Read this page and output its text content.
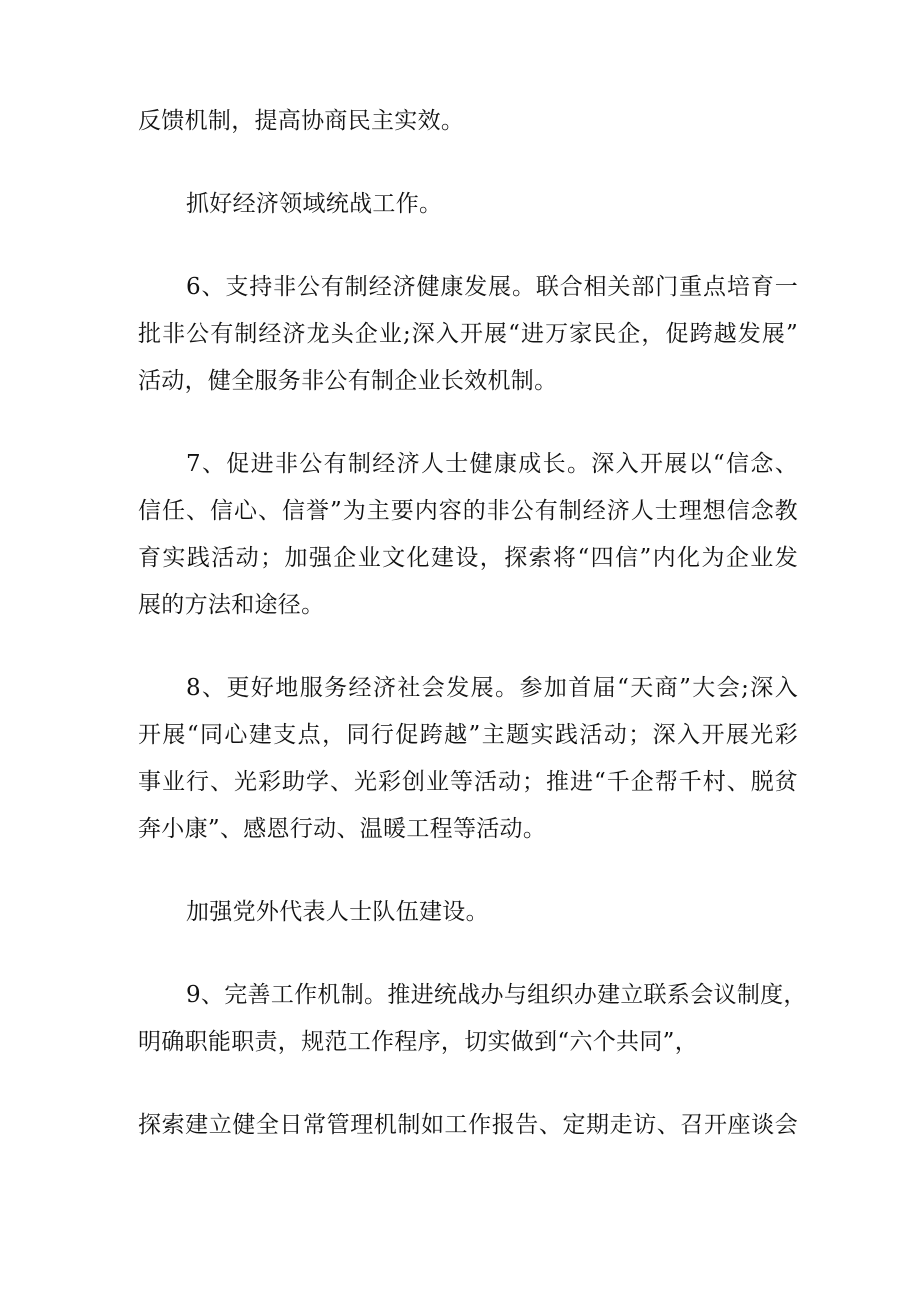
反馈机制，提高协商民主实效。
抓好经济领域统战工作。
6、支持非公有制经济健康发展。联合相关部门重点培育一
批非公有制经济龙头企业;深入开展“进万家民企，促跨越发展”
活动，健全服务非公有制企业长效机制。
7、促进非公有制经济人士健康成长。深入开展以“信念、
信任、信心、信誉”为主要内容的非公有制经济人士理想信念教
育实践活动；加强企业文化建设，探索将“四信”内化为企业发
展的方法和途径。
8、更好地服务经济社会发展。参加首届“天商”大会;深入
开展“同心建支点，同行促跨越”主题实践活动；深入开展光彩
事业行、光彩助学、光彩创业等活动；推进“千企帮千村、脱贫
奔小康”、感恩行动、温暖工程等活动。
加强党外代表人士队伍建设。
9、完善工作机制。推进统战办与组织办建立联系会议制度，
明确职能职责，规范工作程序，切实做到“六个共同”，
探索建立健全日常管理机制如工作报告、定期走访、召开座谈会
